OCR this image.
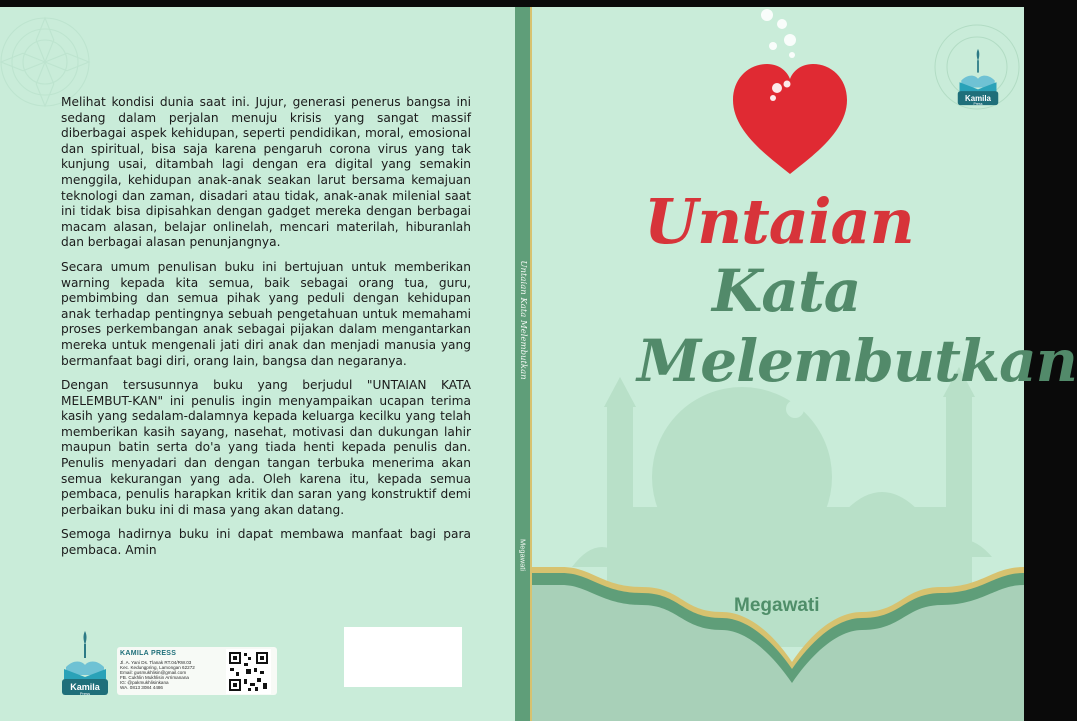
Melihat kondisi dunia saat ini. Jujur, generasi penerus bangsa ini sedang dalam perjalan menuju krisis yang sangat massif diberbagai aspek kehidupan, seperti pendidikan, moral, emosional dan spiritual, bisa saja karena pengaruh corona virus yang tak kunjung usai, ditambah lagi dengan era digital yang semakin menggila, kehidupan anak-anak seakan larut bersama kemajuan teknologi dan zaman, disadari atau tidak, anak-anak milenial saat ini tidak bisa dipisahkan dengan gadget mereka dengan berbagai macam alasan, belajar onlinelah, mencari materilah, hiburanlah dan berbagai alasan penunjangnya.

Secara umum penulisan buku ini bertujuan untuk memberikan warning kepada kita semua, baik sebagai orang tua, guru, pembimbing dan semua pihak yang peduli dengan kehidupan anak terhadap pentingnya sebuah pengetahuan untuk memahami proses perkembangan anak sebagai pijakan dalam mengantarkan mereka untuk mengenali jati diri anak dan menjadi manusia yang bermanfaat bagi diri, orang lain, bangsa dan negaranya.

Dengan tersusunnya buku yang berjudul "UNTAIAN KATA MELEMBUT-KAN" ini penulis ingin menyampaikan ucapan terima kasih yang sedalam-dalamnya kepada keluarga kecilku yang telah memberikan kasih sayang, nasehat, motivasi dan dukungan lahir maupun batin serta do'a yang tiada henti kepada penulis dan. Penulis menyadari dan dengan tangan terbuka menerima akan semua kekurangan yang ada. Oleh karena itu, kepada semua pembaca, penulis harapkan kritik dan saran yang konstruktif demi perbaikan buku ini di masa yang akan datang.

Semoga hadirnya buku ini dapat membawa manfaat bagi para pembaca. Amin

Kamila
Press
KAMILA PRESS
Jl. A. Yani Ds. Tlanak RT.04/RW.03
Kec. Kedungpring, Lamongan 62272
Email: gusmukhlisin@gmail.com
FB. Cukhlin Mukhlisin Arrimanana
IG: @pakmukhlisinkana
WA. 0813 3084 4486
Untaian Kata Melembutkan
Megawati
Untaian
Kata
Melembutkan
Megawati
Kamila
Press
